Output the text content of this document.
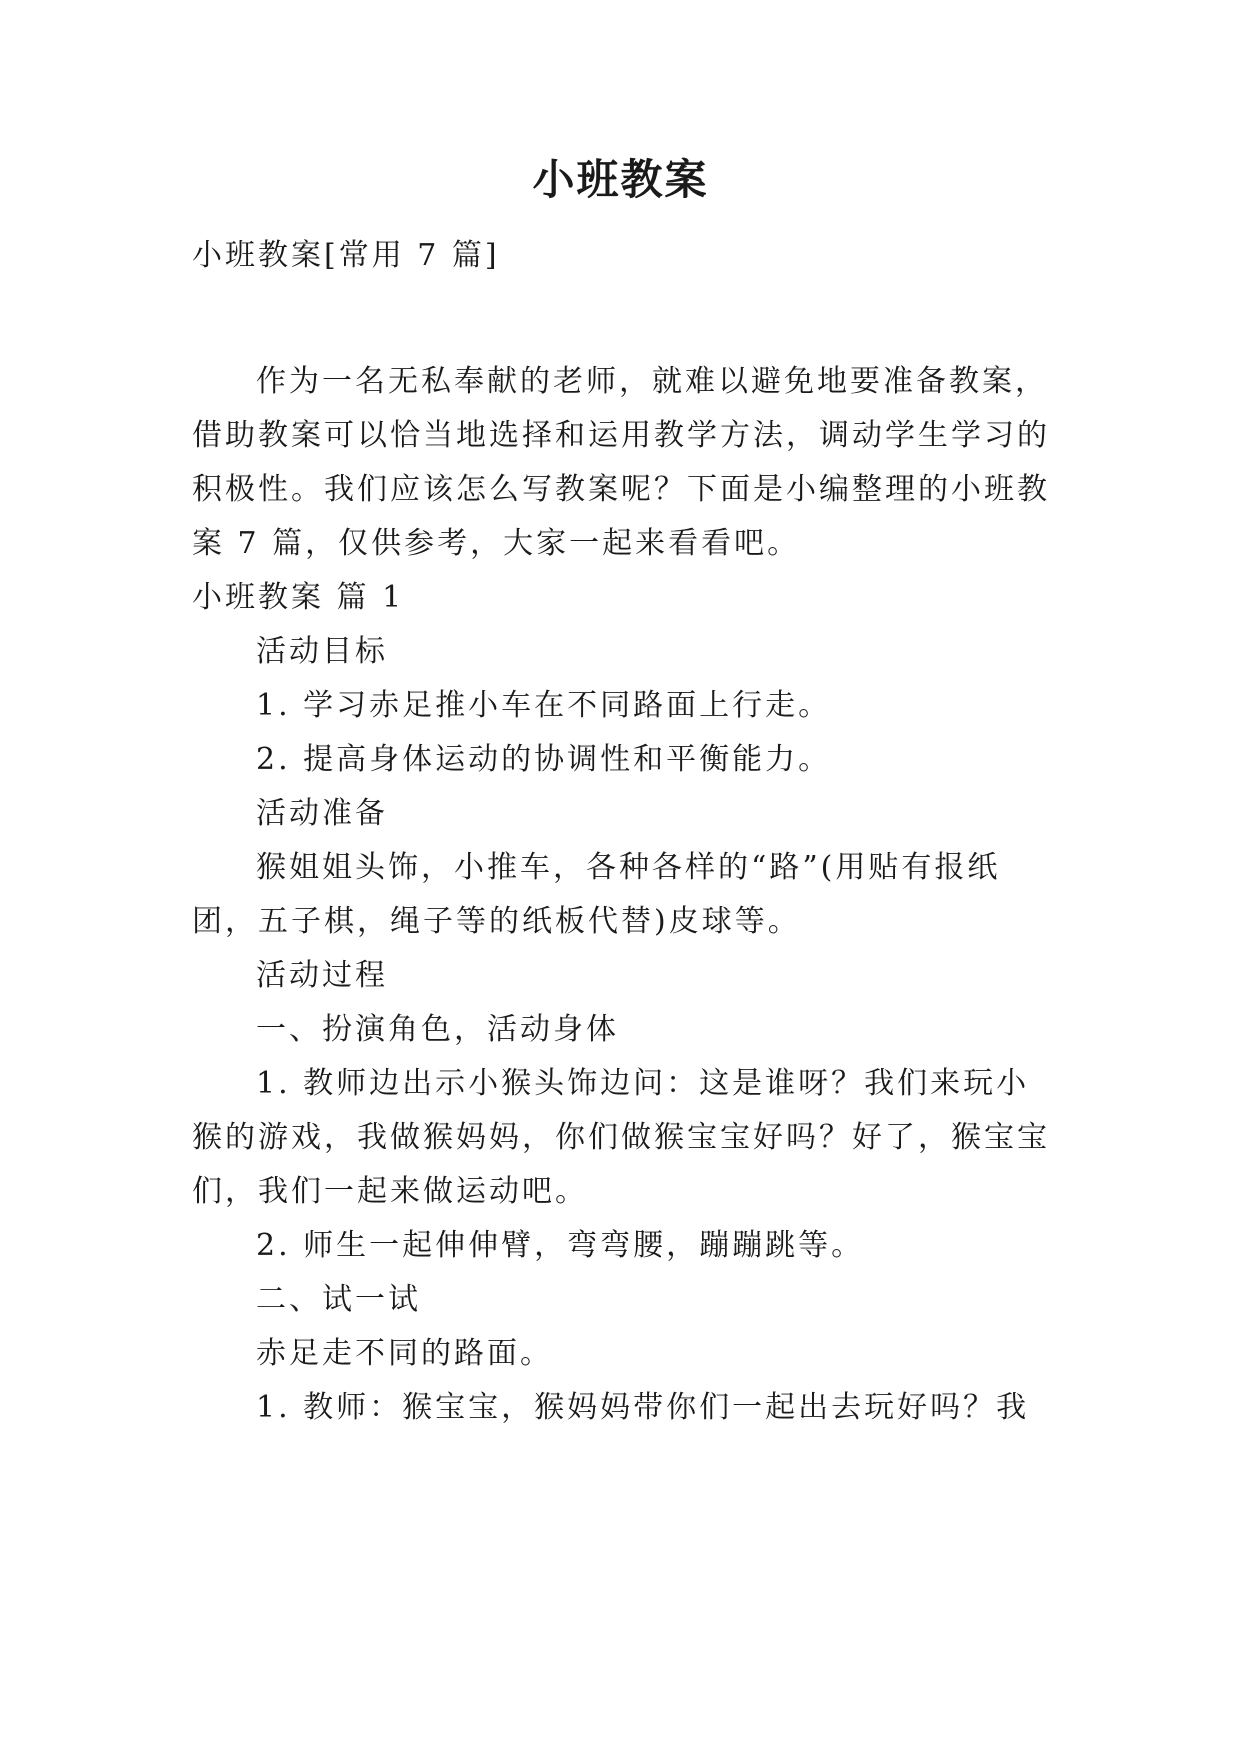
小班教案
小班教案[常用 7 篇]
作为一名无私奉献的老师，就难以避免地要准备教案，
借助教案可以恰当地选择和运用教学方法，调动学生学习的
积极性。我们应该怎么写教案呢？下面是小编整理的小班教
案 7 篇，仅供参考，大家一起来看看吧。
小班教案 篇 1
活动目标
1. 学习赤足推小车在不同路面上行走。
2. 提高身体运动的协调性和平衡能力。
活动准备
猴姐姐头饰，小推车，各种各样的“路”(用贴有报纸
团，五子棋，绳子等的纸板代替)皮球等。
活动过程
一、扮演角色，活动身体
1. 教师边出示小猴头饰边问：这是谁呀？我们来玩小
猴的游戏，我做猴妈妈，你们做猴宝宝好吗？好了，猴宝宝
们，我们一起来做运动吧。
2. 师生一起伸伸臂，弯弯腰，蹦蹦跳等。
二、试一试
赤足走不同的路面。
1. 教师：猴宝宝，猴妈妈带你们一起出去玩好吗？我
